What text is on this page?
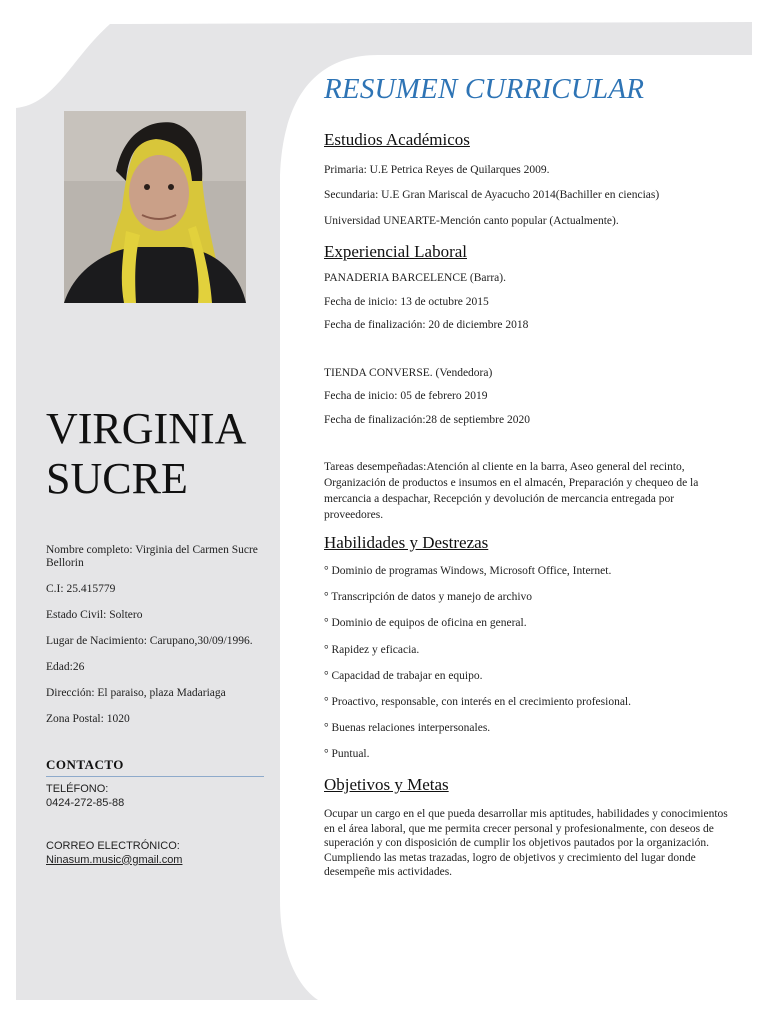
VIRGINIA
SUCRE

Nombre completo: Virginia del Carmen Sucre Bellorin

C.I: 25.415779

Estado Civil: Soltero

Lugar de Nacimiento: Carupano,30/09/1996.

Edad:26

Dirección: El paraiso, plaza Madariaga

Zona Postal: 1020

CONTACTO
TELÉFONO:
0424-272-85-88
CORREO ELECTRÓNICO:
Ninasum.music@gmail.com
RESUMEN CURRICULAR
Estudios Académicos
Primaria: U.E Petrica Reyes de Quilarques 2009.
Secundaria: U.E Gran Mariscal de Ayacucho 2014(Bachiller en ciencias)
Universidad UNEARTE-Mención canto popular (Actualmente).
Experiencial Laboral
PANADERIA BARCELENCE (Barra).
Fecha de inicio: 13 de octubre 2015
Fecha de finalización: 20 de diciembre 2018
TIENDA CONVERSE. (Vendedora)
Fecha de inicio: 05 de febrero 2019
Fecha de finalización:28 de septiembre 2020
Tareas desempeñadas:Atención al cliente en la barra, Aseo general del recinto, Organización de productos e insumos en el almacén, Preparación y chequeo de la mercancia a despachar, Recepción y devolución de mercancia entregada por proveedores.
Habilidades y Destrezas
° Dominio de programas Windows, Microsoft Office, Internet.
° Transcripción de datos y manejo de archivo
° Dominio de equipos de oficina en general.
° Rapidez y eficacia.
° Capacidad de trabajar en equipo.
° Proactivo, responsable, con interés en el crecimiento profesional.
° Buenas relaciones interpersonales.
° Puntual.
Objetivos y Metas
Ocupar un cargo en el que pueda desarrollar mis aptitudes, habilidades y conocimientos en el área laboral, que me permita crecer personal y profesionalmente, con deseos de superación y con disposición de cumplir los objetivos pautados por la organización. Cumpliendo las metas trazadas, logro de objetivos y crecimiento del lugar donde desempeñe mis actividades.
